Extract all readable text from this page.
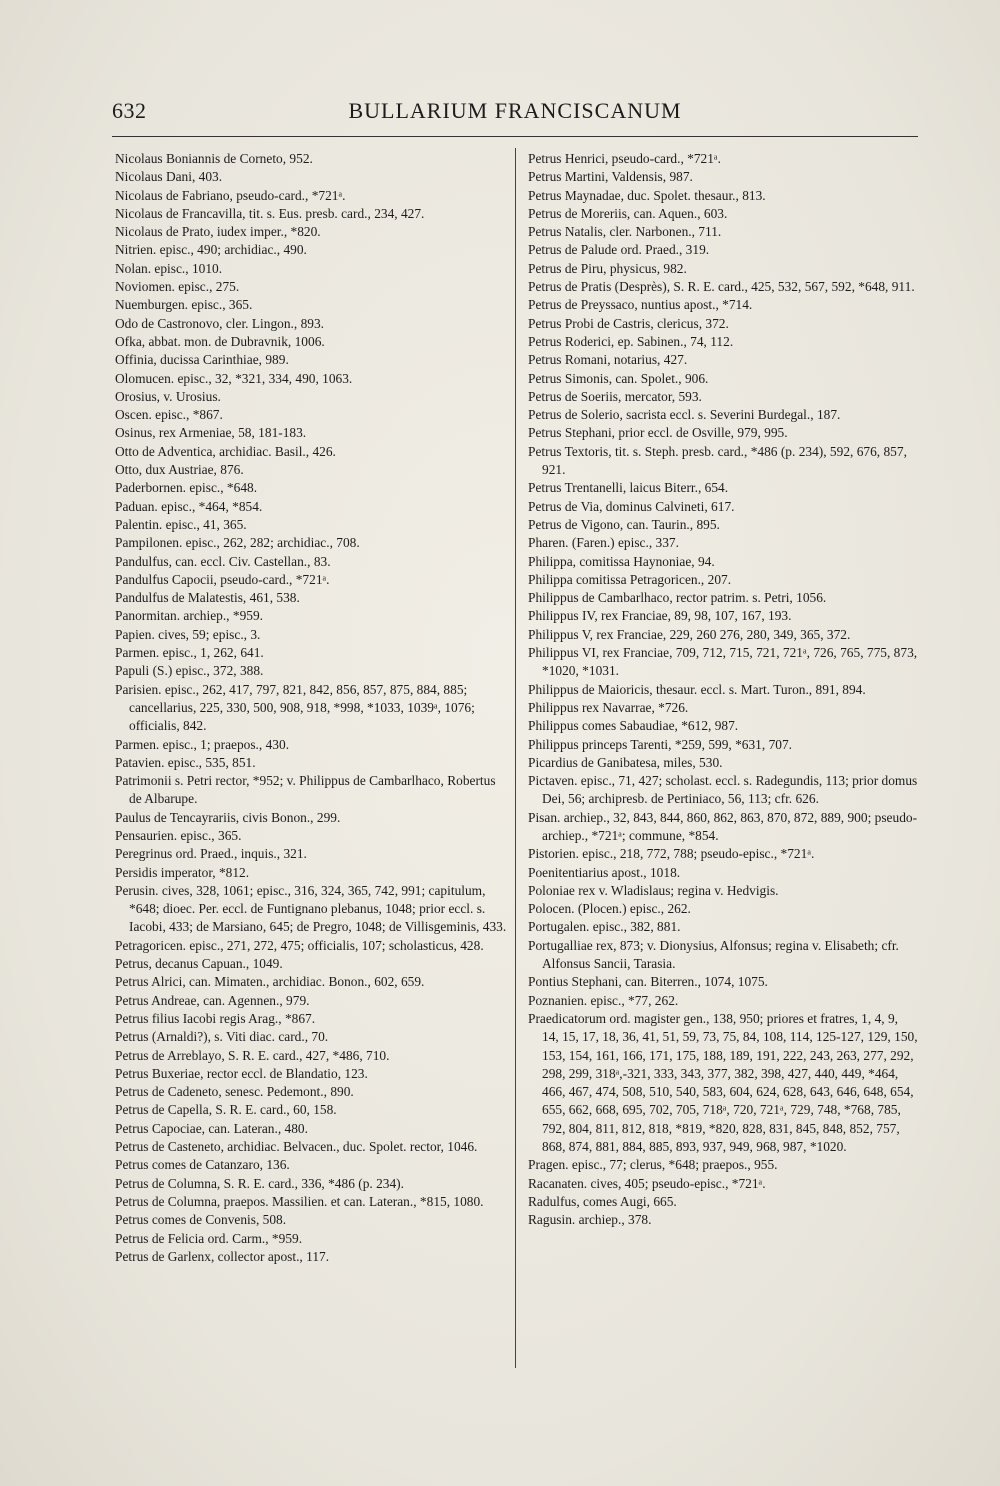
632	BULLARIUM FRANCISCANUM

Nicolaus Boniannis de Corneto, 952.

Nicolaus Dani, 403.

Nicolaus de Fabriano, pseudo-card., *721ᵃ.

Nicolaus de Francavilla, tit. s. Eus. presb. card., 234, 427.

Nicolaus de Prato, iudex imper., *820.

Nitrien. episc., 490; archidiac., 490.

Nolan. episc., 1010.

Noviomen. episc., 275.

Nuemburgen. episc., 365.

Odo de Castronovo, cler. Lingon., 893.

Ofka, abbat. mon. de Dubravnik, 1006.

Offinia, ducissa Carinthiae, 989.

Olomucen. episc., 32, *321, 334, 490, 1063.

Orosius, v. Urosius.

Oscen. episc., *867.

Osinus, rex Armeniae, 58, 181-183.

Otto de Adventica, archidiac. Basil., 426.

Otto, dux Austriae, 876.

Paderbornen. episc., *648.

Paduan. episc., *464, *854.

Palentin. episc., 41, 365.

Pampilonen. episc., 262, 282; archidiac., 708.

Pandulfus, can. eccl. Civ. Castellan., 83.

Pandulfus Capocii, pseudo-card., *721ᵃ.

Pandulfus de Malatestis, 461, 538.

Panormitan. archiep., *959.

Papien. cives, 59; episc., 3.

Parmen. episc., 1, 262, 641.

Papuli (S.) episc., 372, 388.

Parisien. episc., 262, 417, 797, 821, 842, 856, 857, 875, 884, 885; cancellarius, 225, 330, 500, 908, 918, *998, *1033, 1039ᵃ, 1076; officialis, 842.

Parmen. episc., 1; praepos., 430.

Patavien. episc., 535, 851.

Patrimonii s. Petri rector, *952; v. Philippus de Cambarlhaco, Robertus de Albarupe.

Paulus de Tencayrariis, civis Bonon., 299.

Pensaurien. episc., 365.

Peregrinus ord. Praed., inquis., 321.

Persidis imperator, *812.

Perusin. cives, 328, 1061; episc., 316, 324, 365, 742, 991; capitulum, *648; dioec. Per. eccl. de Funtignano plebanus, 1048; prior eccl. s. Iacobi, 433; de Marsiano, 645; de Pregro, 1048; de Villisgeminis, 433.

Petragoricen. episc., 271, 272, 475; officialis, 107; scholasticus, 428.

Petrus, decanus Capuan., 1049.

Petrus Alrici, can. Mimaten., archidiac. Bonon., 602, 659.

Petrus Andreae, can. Agennen., 979.

Petrus filius Iacobi regis Arag., *867.

Petrus (Arnaldi?), s. Viti diac. card., 70.

Petrus de Arreblayo, S. R. E. card., 427, *486, 710.

Petrus Buxeriae, rector eccl. de Blandatio, 123.

Petrus de Cadeneto, senesc. Pedemont., 890.

Petrus de Capella, S. R. E. card., 60, 158.

Petrus Capociae, can. Lateran., 480.

Petrus de Casteneto, archidiac. Belvacen., duc. Spolet. rector, 1046.

Petrus comes de Catanzaro, 136.

Petrus de Columna, S. R. E. card., 336, *486 (p. 234).

Petrus de Columna, praepos. Massilien. et can. Lateran., *815, 1080.

Petrus comes de Convenis, 508.

Petrus de Felicia ord. Carm., *959.

Petrus de Garlenx, collector apost., 117.

Petrus Henrici, pseudo-card., *721ᵃ.

Petrus Martini, Valdensis, 987.

Petrus Maynadae, duc. Spolet. thesaur., 813.

Petrus de Moreriis, can. Aquen., 603.

Petrus Natalis, cler. Narbonen., 711.

Petrus de Palude ord. Praed., 319.

Petrus de Piru, physicus, 982.

Petrus de Pratis (Desprès), S. R. E. card., 425, 532, 567, 592, *648, 911.

Petrus de Preyssaco, nuntius apost., *714.

Petrus Probi de Castris, clericus, 372.

Petrus Roderici, ep. Sabinen., 74, 112.

Petrus Romani, notarius, 427.

Petrus Simonis, can. Spolet., 906.

Petrus de Soeriis, mercator, 593.

Petrus de Solerio, sacrista eccl. s. Severini Burdegal., 187.

Petrus Stephani, prior eccl. de Osville, 979, 995.

Petrus Textoris, tit. s. Steph. presb. card., *486 (p. 234), 592, 676, 857, 921.

Petrus Trentanelli, laicus Biterr., 654.

Petrus de Via, dominus Calvineti, 617.

Petrus de Vigono, can. Taurin., 895.

Pharen. (Faren.) episc., 337.

Philippa, comitissa Haynoniae, 94.

Philippa comitissa Petragoricen., 207.

Philippus de Cambarlhaco, rector patrim. s. Petri, 1056.

Philippus IV, rex Franciae, 89, 98, 107, 167, 193.

Philippus V, rex Franciae, 229, 260 276, 280, 349, 365, 372.

Philippus VI, rex Franciae, 709, 712, 715, 721, 721ᵃ, 726, 765, 775, 873, *1020, *1031.

Philippus de Maioricis, thesaur. eccl. s. Mart. Turon., 891, 894.

Philippus rex Navarrae, *726.

Philippus comes Sabaudiae, *612, 987.

Philippus princeps Tarenti, *259, 599, *631, 707.

Picardius de Ganibatesa, miles, 530.

Pictaven. episc., 71, 427; scholast. eccl. s. Radegundis, 113; prior domus Dei, 56; archipresb. de Pertiniaco, 56, 113; cfr. 626.

Pisan. archiep., 32, 843, 844, 860, 862, 863, 870, 872, 889, 900; pseudo-archiep., *721ᵃ; commune, *854.

Pistorien. episc., 218, 772, 788; pseudo-episc., *721ᵃ.

Poenitentiarius apost., 1018.

Poloniae rex v. Wladislaus; regina v. Hedvigis.

Polocen. (Plocen.) episc., 262.

Portugalen. episc., 382, 881.

Portugalliae rex, 873; v. Dionysius, Alfonsus; regina v. Elisabeth; cfr. Alfonsus Sancii, Tarasia.

Pontius Stephani, can. Biterren., 1074, 1075.

Poznanien. episc., *77, 262.

Praedicatorum ord. magister gen., 138, 950; priores et fratres, 1, 4, 9, 14, 15, 17, 18, 36, 41, 51, 59, 73, 75, 84, 108, 114, 125-127, 129, 150, 153, 154, 161, 166, 171, 175, 188, 189, 191, 222, 243, 263, 277, 292, 298, 299, 318ᵃ,-321, 333, 343, 377, 382, 398, 427, 440, 449, *464, 466, 467, 474, 508, 510, 540, 583, 604, 624, 628, 643, 646, 648, 654, 655, 662, 668, 695, 702, 705, 718ᵃ, 720, 721ᵃ, 729, 748, *768, 785, 792, 804, 811, 812, 818, *819, *820, 828, 831, 845, 848, 852, 757, 868, 874, 881, 884, 885, 893, 937, 949, 968, 987, *1020.

Pragen. episc., 77; clerus, *648; praepos., 955.

Racanaten. cives, 405; pseudo-episc., *721ᵃ.

Radulfus, comes Augi, 665.

Ragusin. archiep., 378.
